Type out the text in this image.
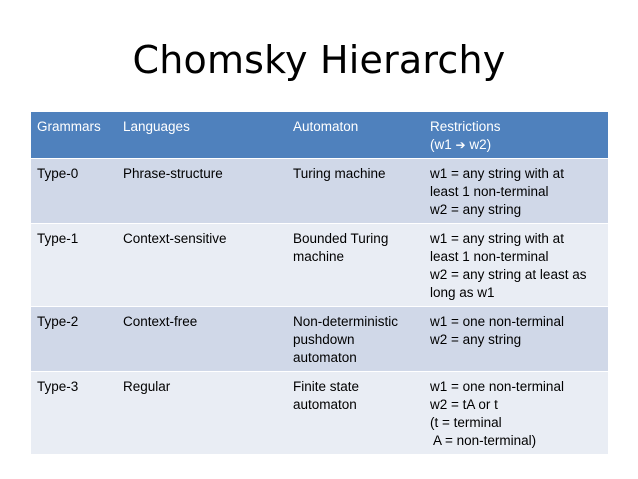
Chomsky Hierarchy
Grammars	Languages	Automaton	Restrictions
(w1 ➔ w2)

Type-0	Phrase-structure	Turing machine	w1 = any string with at
least 1 non-terminal
w2 = any string

Type-1	Context-sensitive	Bounded Turing
machine	w1 = any string with at
least 1 non-terminal
w2 = any string at least as
long as w1

Type-2	Context-free	Non-deterministic
pushdown
automaton	w1 = one non-terminal
w2 = any string

Type-3	Regular	Finite state
automaton	w1 = one non-terminal
w2 = tA or t
(t = terminal
A = non-terminal)
